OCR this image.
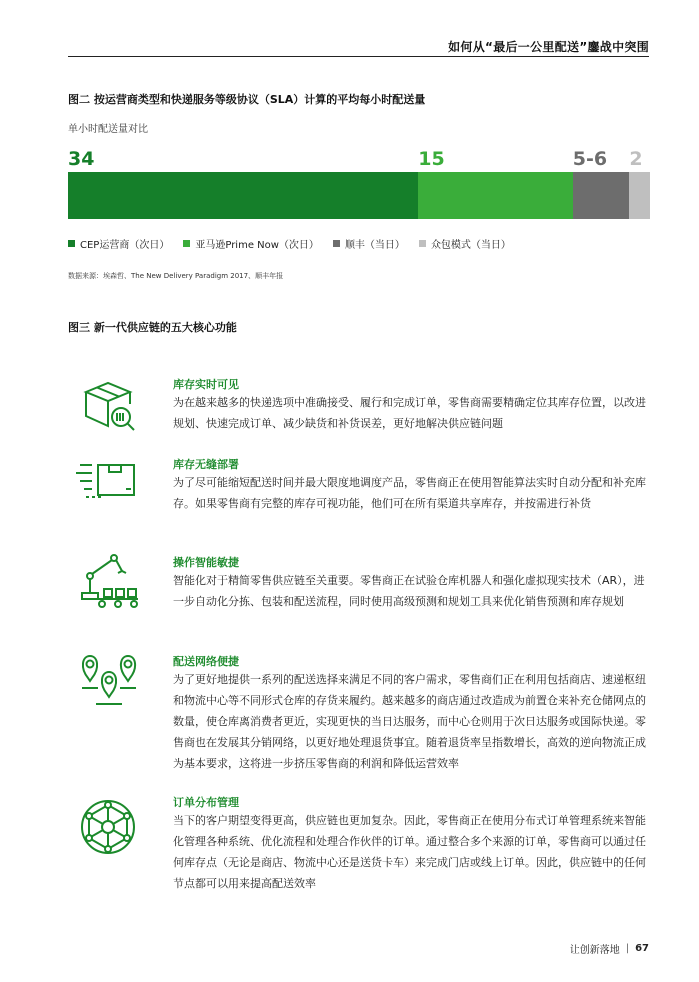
如何从“最后一公里配送”鏖战中突围
图二 按运营商类型和快递服务等级协议（SLA）计算的平均每小时配送量
单小时配送量对比
34	15	5-6 2
CEP运营商（次日）	亚马逊Prime Now（次日）	顺丰（当日）	众包模式（当日）
数据来源：埃森哲、The New Delivery Paradigm 2017、顺丰年报
图三 新一代供应链的五大核心功能
库存实时可见

为在越来越多的快递选项中准确接受、履行和完成订单，零售商需要精确定位其库存位置，以改进规划、快速完成订单、减少缺货和补货误差，更好地解决供应链问题

库存无缝部署

为了尽可能缩短配送时间并最大限度地调度产品，零售商正在使用智能算法实时自动分配和补充库存。如果零售商有完整的库存可视功能，他们可在所有渠道共享库存，并按需进行补货

操作智能敏捷

智能化对于精简零售供应链至关重要。零售商正在试验仓库机器人和强化虚拟现实技术（AR），进一步自动化分拣、包装和配送流程，同时使用高级预测和规划工具来优化销售预测和库存规划

配送网络便捷

为了更好地提供一系列的配送选择来满足不同的客户需求，零售商们正在利用包括商店、速递枢纽和物流中心等不同形式仓库的存货来履约。越来越多的商店通过改造成为前置仓来补充仓储网点的数量，使仓库离消费者更近，实现更快的当日达服务，而中心仓则用于次日达服务或国际快递。零售商也在发展其分销网络，以更好地处理退货事宜。随着退货率呈指数增长，高效的逆向物流正成为基本要求，这将进一步挤压零售商的利润和降低运营效率

订单分布管理

当下的客户期望变得更高，供应链也更加复杂。因此，零售商正在使用分布式订单管理系统来智能化管理各种系统、优化流程和处理合作伙伴的订单。通过整合多个来源的订单，零售商可以通过任何库存点（无论是商店、物流中心还是送货卡车）来完成门店或线上订单。因此，供应链中的任何节点都可以用来提高配送效率

让创新落地 | 67
